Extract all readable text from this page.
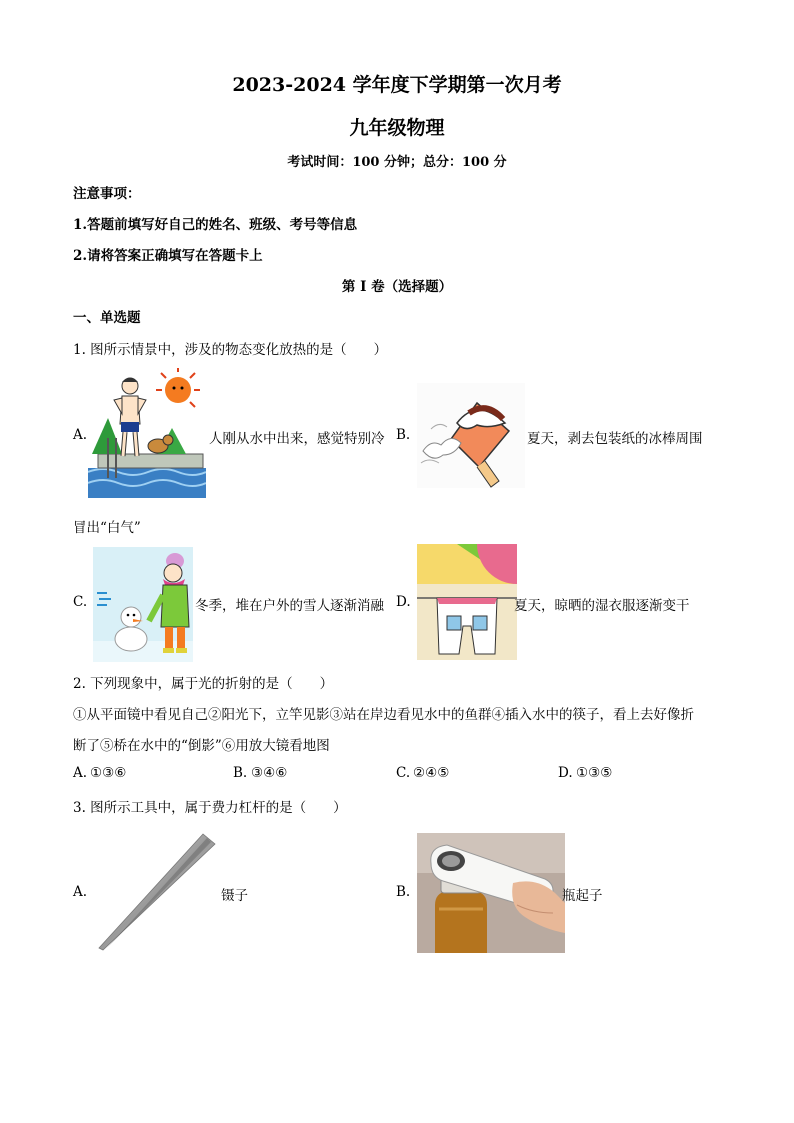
2023-2024 学年度下学期第一次月考
九年级物理
考试时间：100 分钟；总分：100 分
注意事项：
1.答题前填写好自己的姓名、班级、考号等信息
2.请将答案正确填写在答题卡上
第 I 卷（选择题）
一、单选题
1. 图所示情景中，涉及的物态变化放热的是（　　）
A.	人刚从水中出来，感觉特别冷 B.	夏天，剥去包装纸的冰棒周围
冒出“白气”
C.	冬季，堆在户外的雪人逐渐消融 D.	夏天，晾晒的湿衣服逐渐变干
2. 下列现象中，属于光的折射的是（　　）
①从平面镜中看见自己②阳光下，立竿见影③站在岸边看见水中的鱼群④插入水中的筷子，看上去好像折
断了⑤桥在水中的“倒影”⑥用放大镜看地图
A. ①③⑥	B. ③④⑥	C. ②④⑤	D. ①③⑤
3. 图所示工具中，属于费力杠杆的是（　　）
A.	镊子	B.	瓶起子
